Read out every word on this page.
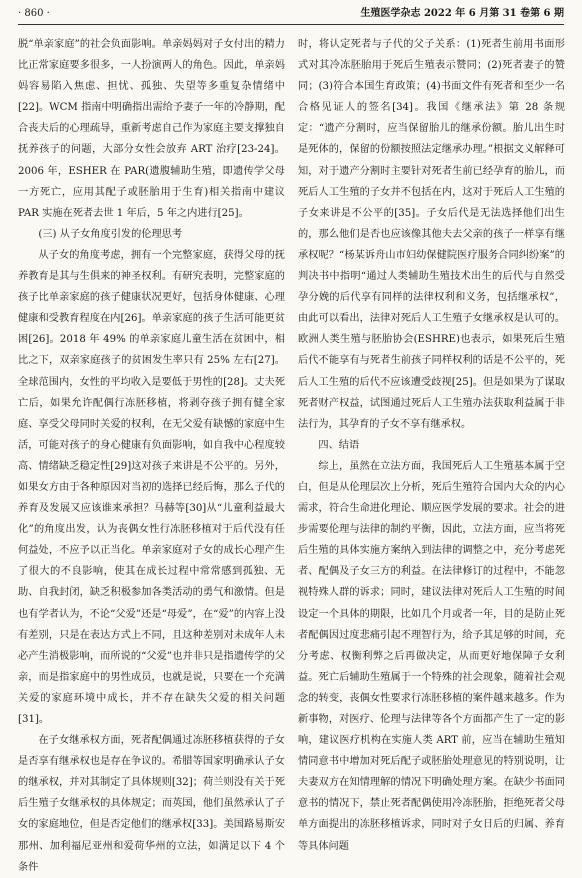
· 860 ·	生殖医学杂志 2022 年 6 月第 31 卷第 6 期

脱“单亲家庭”的社会负面影响。单亲妈妈对子女付出的精力比正常家庭要多很多，一人扮演两人的角色。因此，单亲妈妈容易陷入焦虑、担忧、孤独、失望等多重复杂情绪中[22]。WCM 指南中明确指出需给予妻子一年的冷静期，配合丧夫后的心理疏导，重新考虑自己作为家庭主要支撑独自抚养孩子的问题，大部分女性会放弃 ART 治疗[23-24]。2006 年，ESHER 在 PAR(遗腹辅助生殖，即遗传学父母一方死亡，应用其配子或胚胎用于生育)相关指南中建议 PAR 实施在死者去世 1 年后，5 年之内进行[25]。

(三) 从子女角度引发的伦理思考

从子女的角度考虑，拥有一个完整家庭，获得父母的抚养教育是其与生俱来的神圣权利。有研究表明，完整家庭的孩子比单亲家庭的孩子健康状况更好，包括身体健康、心理健康和受教育程度在内[26]。单亲家庭的孩子生活可能更贫困[26]。2018 年 49% 的单亲家庭儿童生活在贫困中，相比之下，双亲家庭孩子的贫困发生率只有 25% 左右[27]。全球范围内，女性的平均收入是要低于男性的[28]。丈夫死亡后，如果允许配偶行冻胚移植，将剥夺孩子拥有健全家庭、享受父母同时关爱的权利，在无父爱有缺憾的家庭中生活，可能对孩子的身心健康有负面影响，如自我中心程度较高、情绪缺乏稳定性[29]这对孩子来讲是不公平的。另外，如果女方由于各种原因对当初的选择已经后悔，那么子代的养育及发展又应该谁来承担？马赫等[30]从“儿童利益最大化”的角度出发，认为丧偶女性行冻胚移植对于后代没有任何益处，不应予以正当化。单亲家庭对子女的成长心理产生了很大的不良影响，使其在成长过程中常常感到孤独、无助、自我封闭，缺乏积极参加各类活动的勇气和激情。但是也有学者认为，不论“父爱”还是“母爱”，在“爱”的内容上没有差别，只是在表达方式上不同，且这种差别对未成年人未必产生消极影响，而所说的“父爱”也并非只是指遗传学的父亲，而是指家庭中的男性成员，也就是说，只要在一个充满关爱的家庭环境中成长，并不存在缺失父爱的相关问题[31]。

在子女继承权方面，死者配偶通过冻胚移植获得的子女是否享有继承权也是存在争议的。希腊等国家明确承认子女的继承权，并对其制定了具体规则[32]；荷兰则没有关于死后生殖子女继承权的具体规定；而英国，他们虽然承认了子女的家庭地位，但是否定他们的继承权[33]。美国路易斯安那州、加利福尼亚州和爱荷华州的立法，如满足以下 4 个条件

时，将认定死者与子代的父子关系：(1)死者生前用书面形式对其冷冻胚胎用于死后生殖表示赞同；(2)死者妻子的赞同；(3)符合本国生育政策；(4)书面文件有死者和至少一名合格见证人的签名[34]。我国《继承法》第 28 条规定：“遗产分割时，应当保留胎儿的继承份额。胎儿出生时是死体的，保留的份额按照法定继承办理。”根据文义解释可知，对于遗产分割时主要针对死者生前已经孕育的胎儿，而死后人工生殖的子女并不包括在内，这对于死后人工生殖的子女来讲是不公平的[35]。子女后代是无法选择他们出生的，那么他们是否也应该像其他夫去父亲的孩子一样享有继承权呢？“杨某诉舟山市妇幼保健院医疗服务合同纠纷案”的判决书中指明“通过人类辅助生殖技术出生的后代与自然受孕分娩的后代享有同样的法律权利和义务，包括继承权”，由此可以看出，法律对死后人工生殖子女继承权是认可的。欧洲人类生殖与胚胎协会(ESHRE)也表示，如果死后生殖后代不能享有与死者生前孩子同样权利的话是不公平的，死后人工生殖的后代不应该遭受歧视[25]。但是如果为了谋取死者财产权益，试图通过死后人工生殖办法获取利益属于非法行为，其孕育的子女不享有继承权。

四、结语

综上，虽然在立法方面，我国死后人工生殖基本属于空白，但是从伦理层次上分析，死后生殖符合国内大众的内心需求，符合生命进化理论、顺应医学发展的要求。社会的进步需要伦理与法律的制约平衡，因此，立法方面，应当将死后生殖的具体实施方案纳入到法律的调整之中，充分考虑死者、配偶及子女三方的利益。在法律修订的过程中，不能忽视特殊人群的诉求；同时，建议法律对死后人工生殖的时间设定一个具体的期限，比如几个月或者一年，目的是防止死者配偶因过度悲痛引起不理智行为，给予其足够的时间，充分考虑、权衡利弊之后再做决定，从而更好地保障子女利益。死亡后辅助生殖属于一个特殊的社会现象，随着社会观念的转变，丧偶女性要求行冻胚移植的案件越来越多。作为新事物，对医疗、伦理与法律等各个方面都产生了一定的影响，建议医疗机构在实施人类 ART 前，应当在辅助生殖知情同意书中增加对死后配子或胚胎处理意见的特别说明，让夫妻双方在知情理解的情况下明确处理方案。在缺少书面同意书的情况下，禁止死者配偶使用冷冻胚胎，拒绝死者父母单方面提出的冻胚移植诉求，同时对子女日后的归属、养育等具体问题
